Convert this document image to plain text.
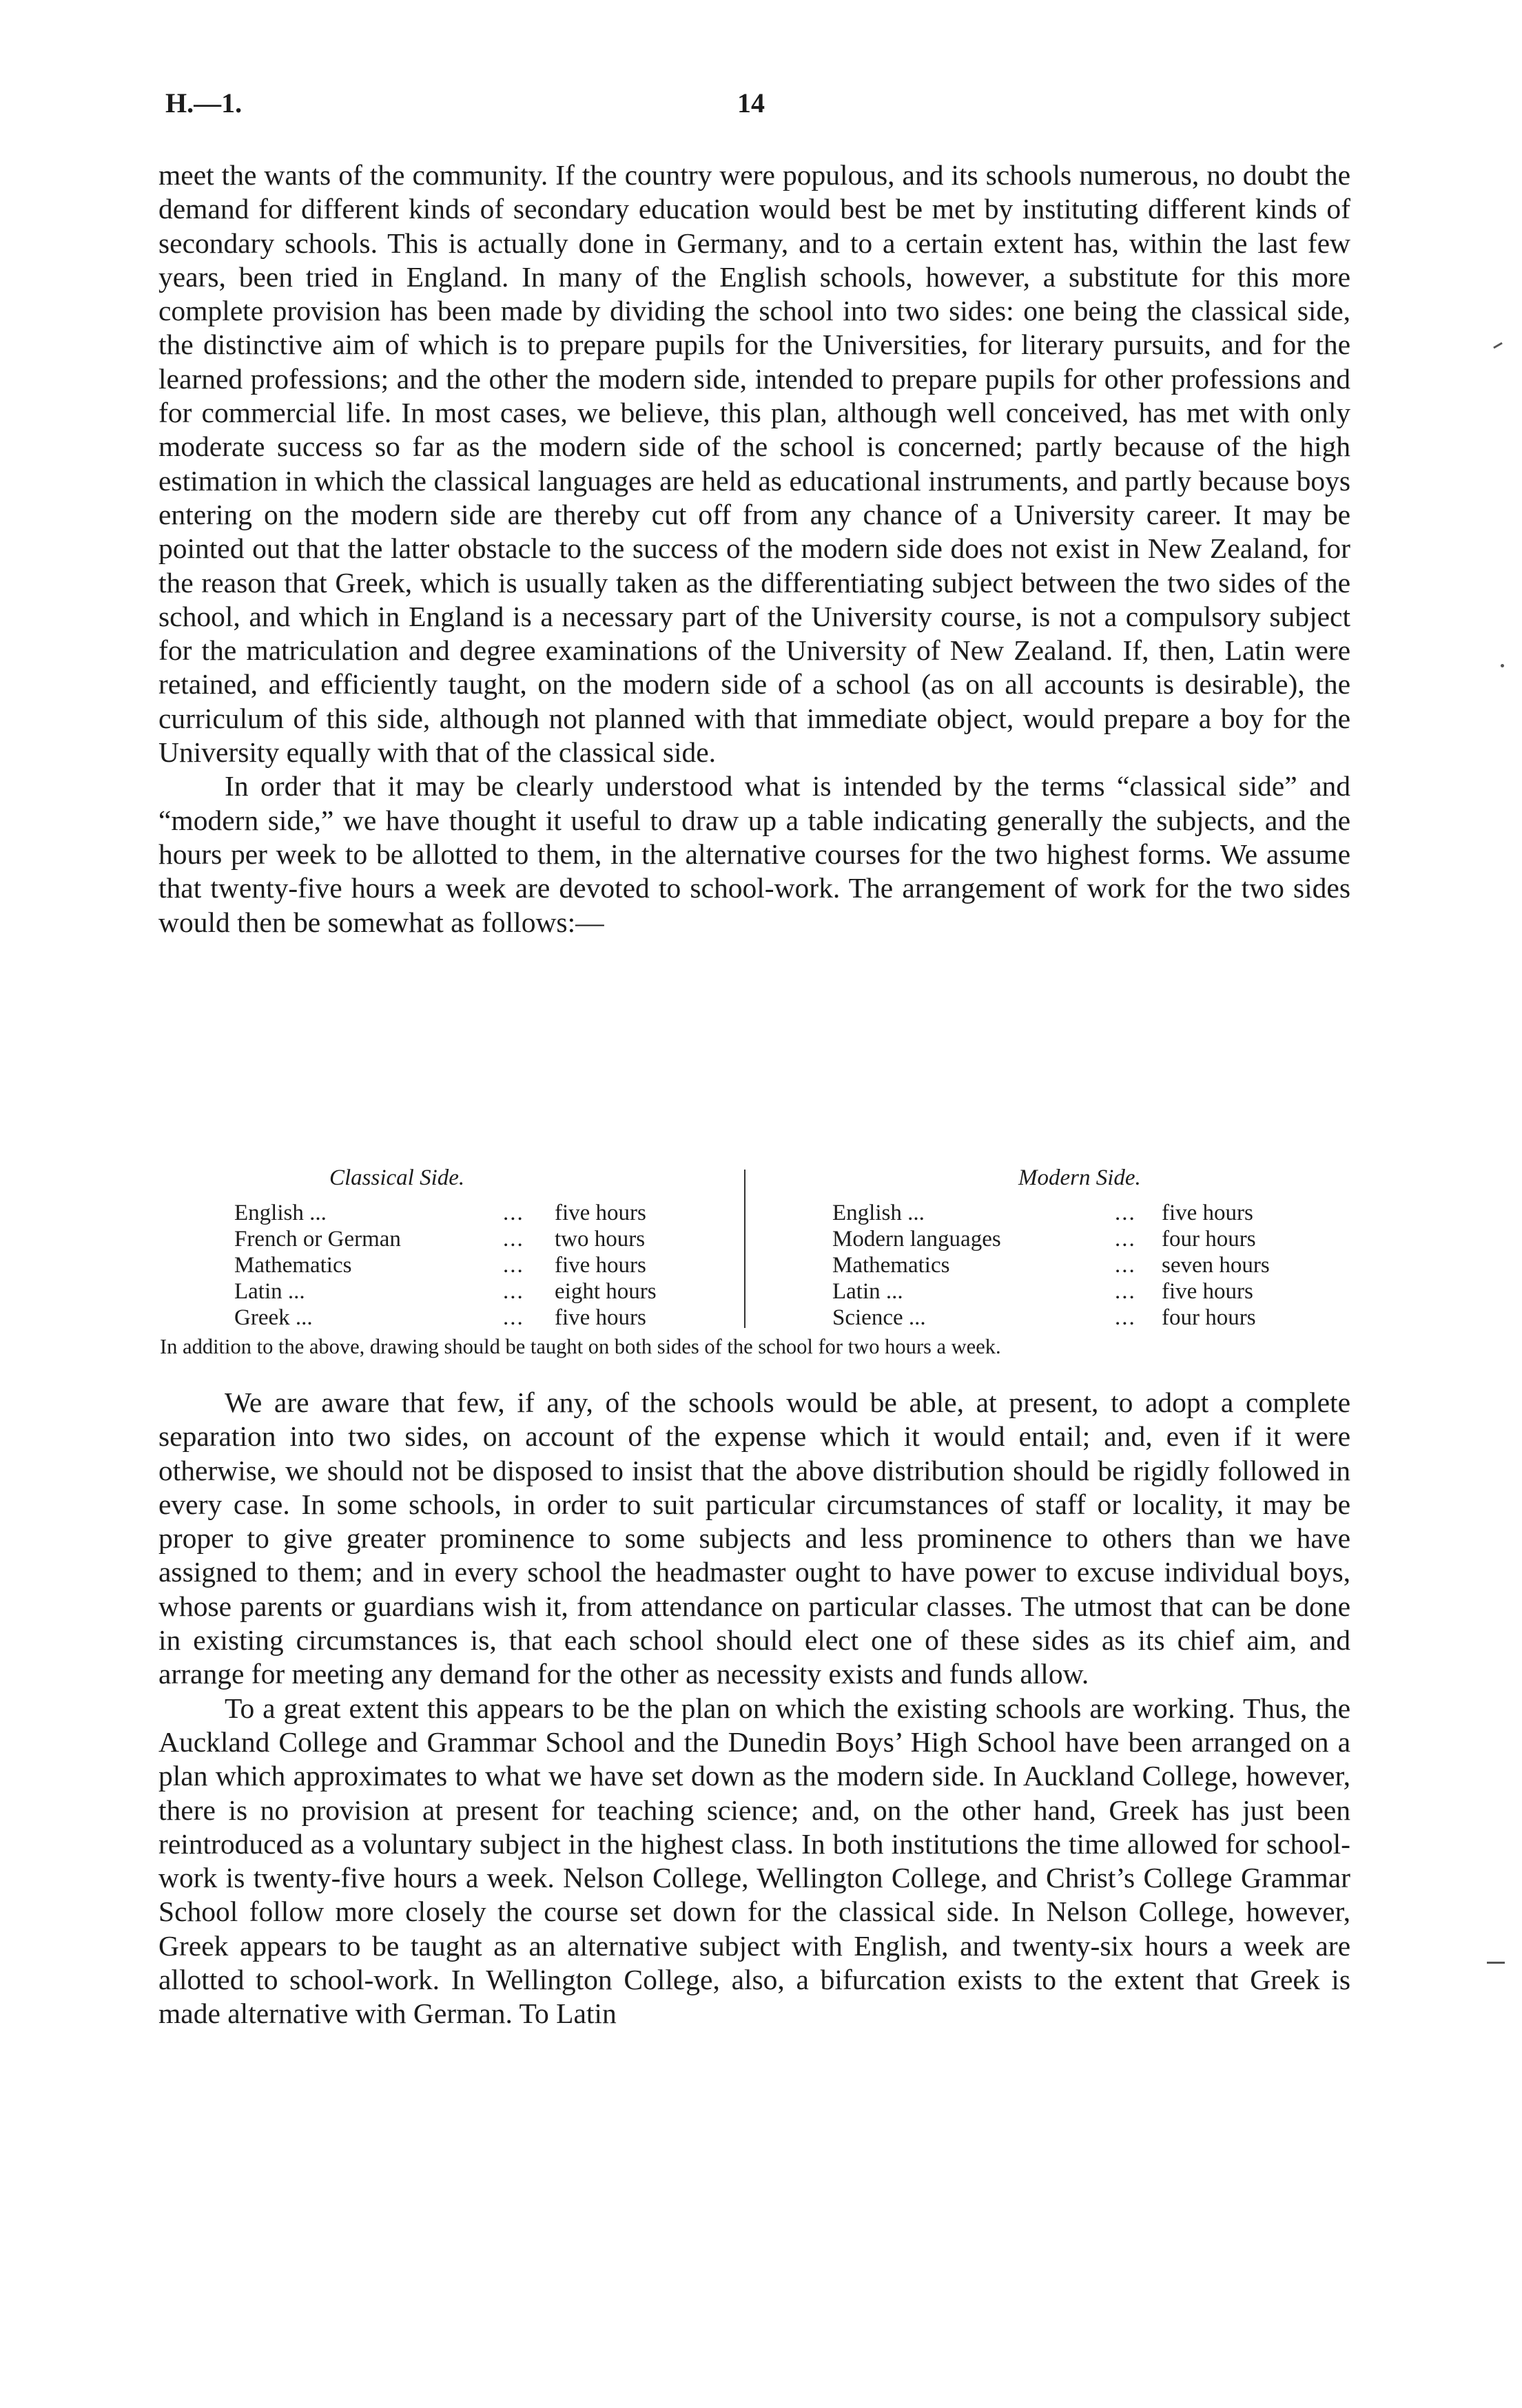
H.—1.	14

meet the wants of the community. If the country were populous, and its schools numerous, no doubt the demand for different kinds of secondary education would best be met by instituting different kinds of secondary schools. This is actually done in Germany, and to a certain extent has, within the last few years, been tried in England. In many of the English schools, however, a substitute for this more complete provision has been made by dividing the school into two sides: one being the classical side, the distinctive aim of which is to prepare pupils for the Universities, for literary pursuits, and for the learned professions; and the other the modern side, intended to prepare pupils for other professions and for commercial life. In most cases, we believe, this plan, although well conceived, has met with only moderate success so far as the modern side of the school is concerned; partly because of the high estimation in which the classical languages are held as educational instruments, and partly because boys entering on the modern side are thereby cut off from any chance of a University career. It may be pointed out that the latter obstacle to the success of the modern side does not exist in New Zealand, for the reason that Greek, which is usually taken as the differentiating subject between the two sides of the school, and which in England is a necessary part of the University course, is not a compulsory subject for the matriculation and degree examinations of the University of New Zealand. If, then, Latin were retained, and efficiently taught, on the modern side of a school (as on all accounts is desirable), the curriculum of this side, although not planned with that immediate object, would prepare a boy for the University equally with that of the classical side.

In order that it may be clearly understood what is intended by the terms “classical side” and “modern side,” we have thought it useful to draw up a table indicating generally the subjects, and the hours per week to be allotted to them, in the alternative courses for the two highest forms. We assume that twenty-five hours a week are devoted to school-work. The arrangement of work for the two sides would then be somewhat as follows:—

Classical Side.
English ...	... five hours
French or German	... two hours
Mathematics	... five hours
Latin ...	... eight hours
Greek ...	... five hours
Modern Side.
English ...	... five hours
Modern languages	... four hours
Mathematics	... seven hours
Latin ...	... five hours
Science ...	... four hours
In addition to the above, drawing should be taught on both sides of the school for two hours a week.

We are aware that few, if any, of the schools would be able, at present, to adopt a complete separation into two sides, on account of the expense which it would entail; and, even if it were otherwise, we should not be disposed to insist that the above distribution should be rigidly followed in every case. In some schools, in order to suit particular circumstances of staff or locality, it may be proper to give greater prominence to some subjects and less prominence to others than we have assigned to them; and in every school the headmaster ought to have power to excuse individual boys, whose parents or guardians wish it, from attendance on particular classes. The utmost that can be done in existing circumstances is, that each school should elect one of these sides as its chief aim, and arrange for meeting any demand for the other as necessity exists and funds allow.

To a great extent this appears to be the plan on which the existing schools are working. Thus, the Auckland College and Grammar School and the Dunedin Boys’ High School have been arranged on a plan which approximates to what we have set down as the modern side. In Auckland College, however, there is no provision at present for teaching science; and, on the other hand, Greek has just been reintroduced as a voluntary subject in the highest class. In both institutions the time allowed for school-work is twenty-five hours a week. Nelson College, Wellington College, and Christ’s College Grammar School follow more closely the course set down for the classical side. In Nelson College, however, Greek appears to be taught as an alternative subject with English, and twenty-six hours a week are allotted to school-work. In Wellington College, also, a bifurcation exists to the extent that Greek is made alternative with German. To Latin
